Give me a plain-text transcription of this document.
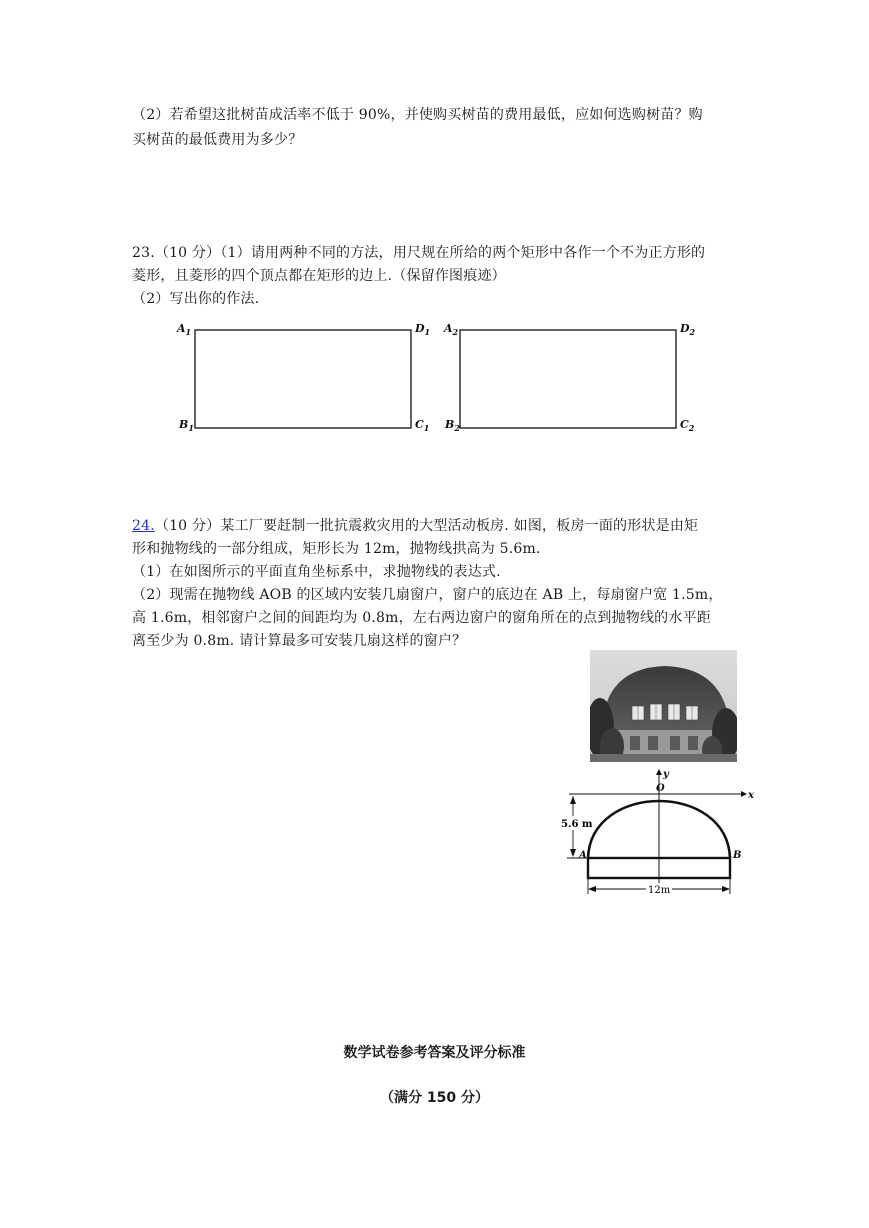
（2）若希望这批树苗成活率不低于 90%，并使购买树苗的费用最低，应如何选购树苗？购
买树苗的最低费用为多少？
23.（10 分）（1）请用两种不同的方法，用尺规在所给的两个矩形中各作一个不为正方形的
菱形，且菱形的四个顶点都在矩形的边上.（保留作图痕迹）
（2）写出你的作法.
$A_1$	$D_1$
$B_1$	$C_1$
$A_2$	$D_2$
$B_2$	$C_2$
24.（10 分）某工厂要赶制一批抗震救灾用的大型活动板房. 如图，板房一面的形状是由矩
形和抛物线的一部分组成，矩形长为 12m，抛物线拱高为 5.6m.
（1）在如图所示的平面直角坐标系中，求抛物线的表达式.
（2）现需在抛物线 AOB 的区域内安装几扇窗户，窗户的底边在 AB 上，每扇窗户宽 1.5m，
高 1.6m，相邻窗户之间的间距均为 0.8m，左右两边窗户的窗角所在的点到抛物线的水平距
离至少为 0.8m. 请计算最多可安装几扇这样的窗户？
x
y
O
5.6 m
A	B
12m
数学试卷参考答案及评分标准
（满分 150 分）
